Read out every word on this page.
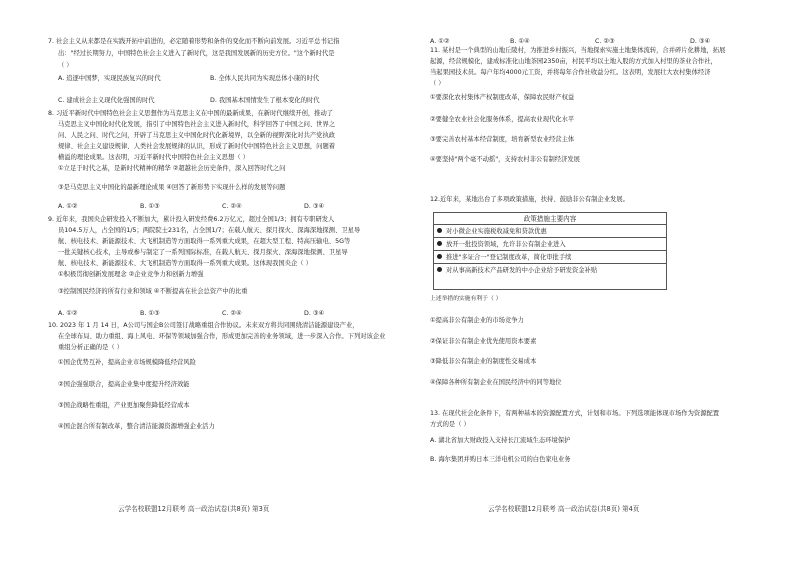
7. 社会主义从来都是在实践开拓中前进的，必定随着形势和条件的变化而不断向前发展。习近平总书记指
出："经过长期努力，中国特色社会主义进入了新时代，这是我国发展新的历史方位。"这个新时代是
（ ）
A. 追逐中国梦，实现民族复兴的时代	B. 全体人民共同为实现总体小康的时代
C. 建成社会主义现代化强国的时代	D. 我国基本国情发生了根本变化的时代
8. 习近平新时代中国特色社会主义思想作为马克思主义在中国的最新成果，在新时代继续开创，推动了
马克思主义中国化时代化发展，指引了中国特色社会主义进入新时代，科学回答了中国之问、世界之
问、人民之问、时代之问，开辟了马克思主义中国化时代化新境界，以全新的视野深化对共产党执政
规律、社会主义建设规律、人类社会发展规律的认识，形成了新时代中国特色社会主义思想，问题着
横溢的理论成果。这表明，习近平新时代中国特色社会主义思想（ ）
①立足于时代之基，是新时代精神的精华 ②超越社会历史条件，深入回答时代之问
③是马克思主义中国化的最新理论成果 ④回答了新形势下实现什么样的发展等问题
A. ①②	B. ①③	C. ②④	D. ③④
9. 近年来，我国央企研发投入不断加大，累计投入研发经费6.2万亿元，超过全国1/3；拥有专职研发人
员104.5万人，占全国的1/5；两院院士231名，占全国1/7；在载人航天、探月探火、深海深地探测、卫星导
航、核电技术、新能源技术、大飞机制造等方面取得一系列重大成果，在超大型工程、特高压输电、5G等
一批关键核心技术，主导或参与制定了一系列国际标准，在载人航天、探月探火、深海深地探测、卫星导
航、核电技术、新能源技术、大飞机制造等方面取得一系列重大成果。这体现我国央企（ ）
①积极贯彻创新发展理念 ②企业竞争力和创新力增强
③控制国民经济的所有行业和领域 ④不断提高在社会总资产中的比重
A. ①②	B. ①③	C. ②④	D. ③④
10. 2023 年 1 月 14 日，A公司与国企B公司签订战略重组合作协议。未来双方将共同围绕清洁能源建设产业，
在全球布局、助力重组、海上风电、环保等领域加强合作，形成更加完善的业务领域，进一步深入合作。下列对该企业
重组分析正确的是（ ）
①国企优势互补，提高企业市场规模降低经营风险
②国企强强联合，提高企业集中度提升经济效能
③国企战略性重组，产业更加聚焦降低经营成本
④国企混合所有制改革，整合清洁能源资源增强企业活力
云学名校联盟12月联考 高一政治试卷(共8页) 第3页
A. ①②	B. ①④	C. ②③	D. ③④
11. 某村是一个典型的山地丘陵村，为推进乡村振兴，当地探索实施土地集体流转，合并碎片化耕地，拓展
起源，经营规模化，建成标准化山地茶园2350亩，村民平均以土地入股的方式加入村里的茶业合作社，
当起果园技术员。每户年均4000元工资，并将每年合作社收益分红。这表明，发展壮大农村集体经济
（ ）
①要深化农村集体产权制度改革，保障农民财产权益
②要健全农业社会化服务体系，提高农业现代化水平
③要完善农村基本经营制度，培育新型农业经营主体
④要坚持"两个毫不动摇"，支持农村非公有制经济发展
12.近年来，某地出台了多项政策措施，扶持、鼓励非公有制企业发展。
政策措施主要内容
对小微企业实施税收减免和贷款优惠
放开一批投资领域，允许非公有制企业进入
推进"多证合一"登记制度改革，简化审批手续
对从事高新技术产品研发的中小企业给予研发资金补贴
上述举措的实施有利于（ ）
①提高非公有制企业的市场竞争力
②保证非公有制企业优先使用资本要素
③降低非公有制企业的制度性交易成本
④保障各种所有制企业在国民经济中的同等地位
13. 在现代社会化条件下，有两种基本的资源配置方式，计划和市场。下列选项能体现市场作为资源配置
方式的是（ ）
A. 湖北省加大财政投入支持长江流域生态环境保护
B. 海尔集团并购日本三洋电机公司的白色家电业务
云学名校联盟12月联考 高一政治试卷(共8页) 第4页
